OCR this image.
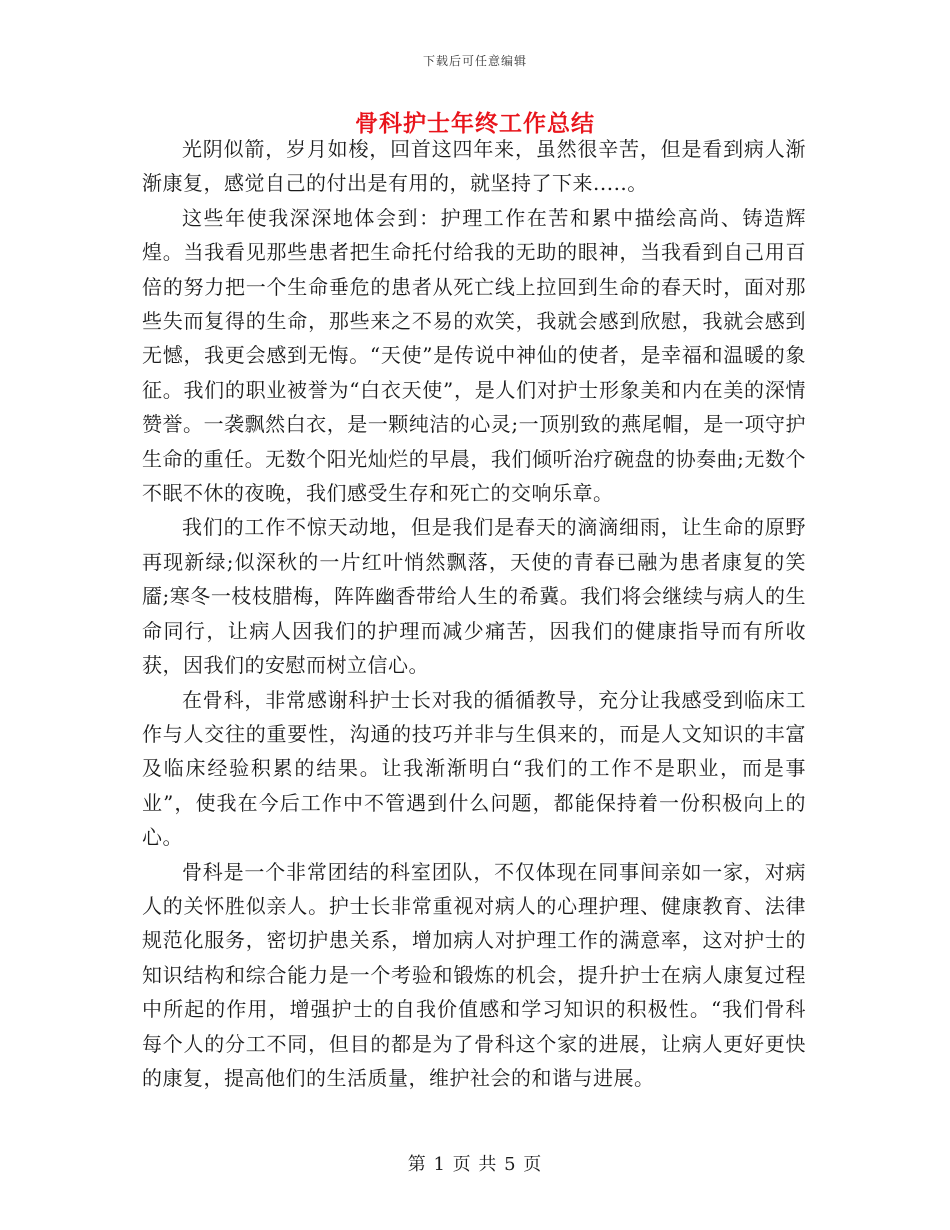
下载后可任意编辑
骨科护士年终工作总结

光阴似箭，岁月如梭，回首这四年来，虽然很辛苦，但是看到病人渐渐康复，感觉自己的付出是有用的，就坚持了下来.....。

这些年使我深深地体会到：护理工作在苦和累中描绘高尚、铸造辉煌。当我看见那些患者把生命托付给我的无助的眼神，当我看到自己用百倍的努力把一个生命垂危的患者从死亡线上拉回到生命的春天时，面对那些失而复得的生命，那些来之不易的欢笑，我就会感到欣慰，我就会感到无憾，我更会感到无悔。“天使”是传说中神仙的使者，是幸福和温暖的象征。我们的职业被誉为“白衣天使”，是人们对护士形象美和内在美的深情赞誉。一袭飘然白衣，是一颗纯洁的心灵;一顶别致的燕尾帽，是一项守护生命的重任。无数个阳光灿烂的早晨，我们倾听治疗碗盘的协奏曲;无数个不眠不休的夜晚，我们感受生存和死亡的交响乐章。

我们的工作不惊天动地，但是我们是春天的滴滴细雨，让生命的原野再现新绿;似深秋的一片红叶悄然飘落，天使的青春已融为患者康复的笑靥;寒冬一枝枝腊梅，阵阵幽香带给人生的希冀。我们将会继续与病人的生命同行，让病人因我们的护理而减少痛苦，因我们的健康指导而有所收获，因我们的安慰而树立信心。

在骨科，非常感谢科护士长对我的循循教导，充分让我感受到临床工作与人交往的重要性，沟通的技巧并非与生俱来的，而是人文知识的丰富及临床经验积累的结果。让我渐渐明白“我们的工作不是职业，而是事业”，使我在今后工作中不管遇到什么问题，都能保持着一份积极向上的心。

骨科是一个非常团结的科室团队，不仅体现在同事间亲如一家，对病人的关怀胜似亲人。护士长非常重视对病人的心理护理、健康教育、法律规范化服务，密切护患关系，增加病人对护理工作的满意率，这对护士的知识结构和综合能力是一个考验和锻炼的机会，提升护士在病人康复过程中所起的作用，增强护士的自我价值感和学习知识的积极性。“我们骨科每个人的分工不同，但目的都是为了骨科这个家的进展，让病人更好更快的康复，提高他们的生活质量，维护社会的和谐与进展。

第 1 页 共 5 页
